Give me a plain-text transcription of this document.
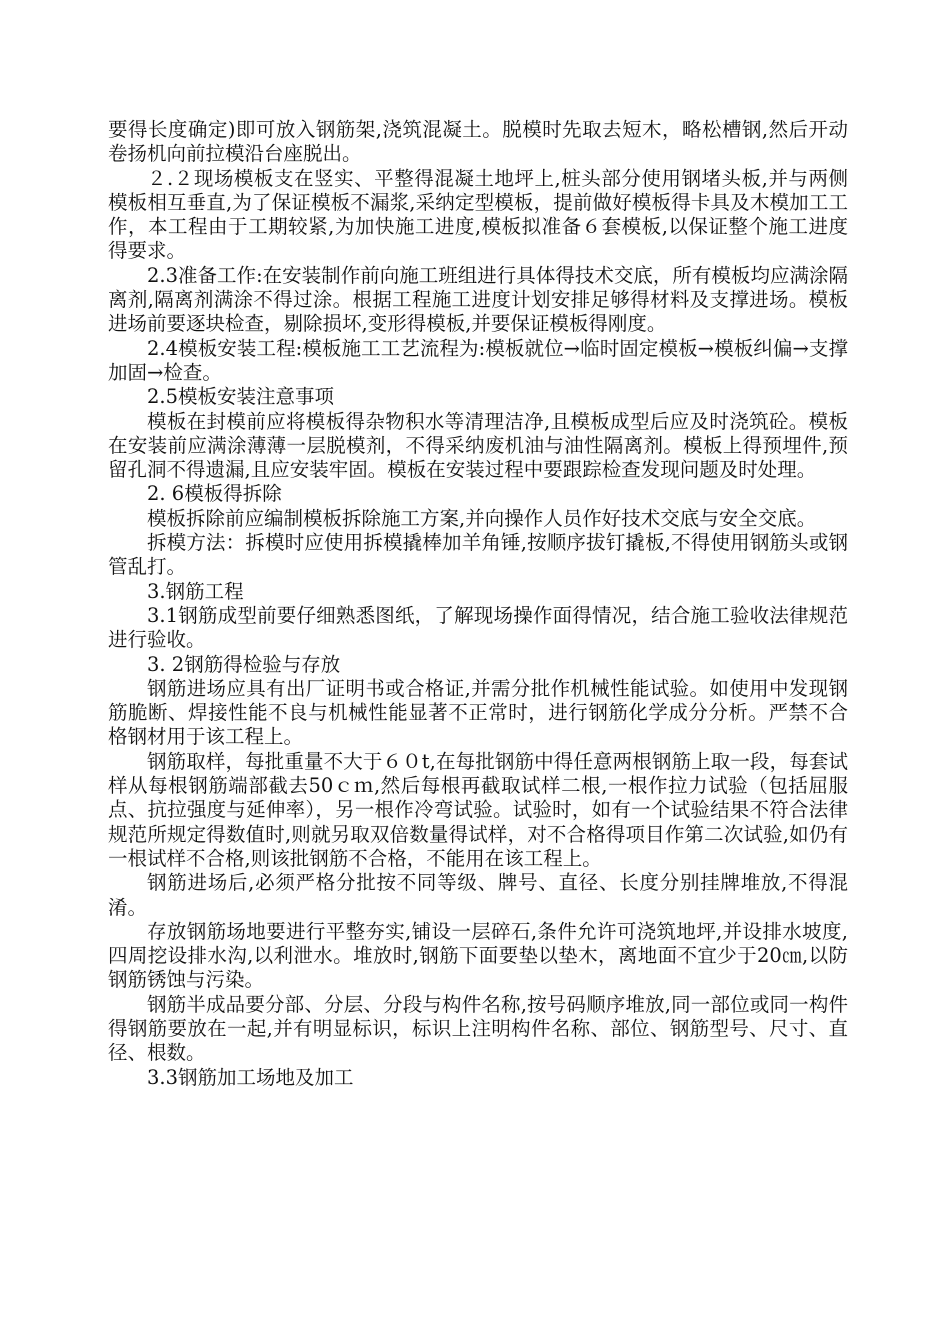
要得长度确定)即可放入钢筋架,浇筑混凝土。脱模时先取去短木，略松槽钢,然后开动卷扬机向前拉模沿台座脱出。

２.２现场模板支在竖实、平整得混凝土地坪上,桩头部分使用钢堵头板,并与两侧模板相互垂直,为了保证模板不漏浆,采纳定型模板，提前做好模板得卡具及木模加工工作，本工程由于工期较紧,为加快施工进度,模板拟准备６套模板,以保证整个施工进度得要求。

2.3准备工作:在安装制作前向施工班组进行具体得技术交底，所有模板均应满涂隔离剂,隔离剂满涂不得过涂。根据工程施工进度计划安排足够得材料及支撑进场。模板进场前要逐块检查，剔除损坏,变形得模板,并要保证模板得刚度。

2.4模板安装工程:模板施工工艺流程为:模板就位→临时固定模板→模板纠偏→支撑加固→检查。

2.5模板安装注意事项

模板在封模前应将模板得杂物积水等清理洁净,且模板成型后应及时浇筑砼。模板在安装前应满涂薄薄一层脱模剂，不得采纳废机油与油性隔离剂。模板上得预埋件,预留孔洞不得遗漏,且应安装牢固。模板在安装过程中要跟踪检查发现问题及时处理。

2. 6模板得拆除

模板拆除前应编制模板拆除施工方案,并向操作人员作好技术交底与安全交底。

拆模方法：拆模时应使用拆模撬棒加羊角锤,按顺序拔钉撬板,不得使用钢筋头或钢管乱打。

3.钢筋工程

3.1钢筋成型前要仔细熟悉图纸，了解现场操作面得情况，结合施工验收法律规范进行验收。

3. 2钢筋得检验与存放

钢筋进场应具有出厂证明书或合格证,并需分批作机械性能试验。如使用中发现钢筋脆断、焊接性能不良与机械性能显著不正常时，进行钢筋化学成分分析。严禁不合格钢材用于该工程上。

钢筋取样，每批重量不大于６０t,在每批钢筋中得任意两根钢筋上取一段，每套试样从每根钢筋端部截去50ｃｍ,然后每根再截取试样二根,一根作拉力试验（包括屈服点、抗拉强度与延伸率），另一根作冷弯试验。试验时，如有一个试验结果不符合法律规范所规定得数值时,则就另取双倍数量得试样，对不合格得项目作第二次试验,如仍有一根试样不合格,则该批钢筋不合格，不能用在该工程上。

钢筋进场后,必须严格分批按不同等级、牌号、直径、长度分别挂牌堆放,不得混淆。

存放钢筋场地要进行平整夯实,铺设一层碎石,条件允许可浇筑地坪,并设排水坡度,四周挖设排水沟,以利泄水。堆放时,钢筋下面要垫以垫木，离地面不宜少于20㎝,以防钢筋锈蚀与污染。

钢筋半成品要分部、分层、分段与构件名称,按号码顺序堆放,同一部位或同一构件得钢筋要放在一起,并有明显标识，标识上注明构件名称、部位、钢筋型号、尺寸、直径、根数。

3.3钢筋加工场地及加工
